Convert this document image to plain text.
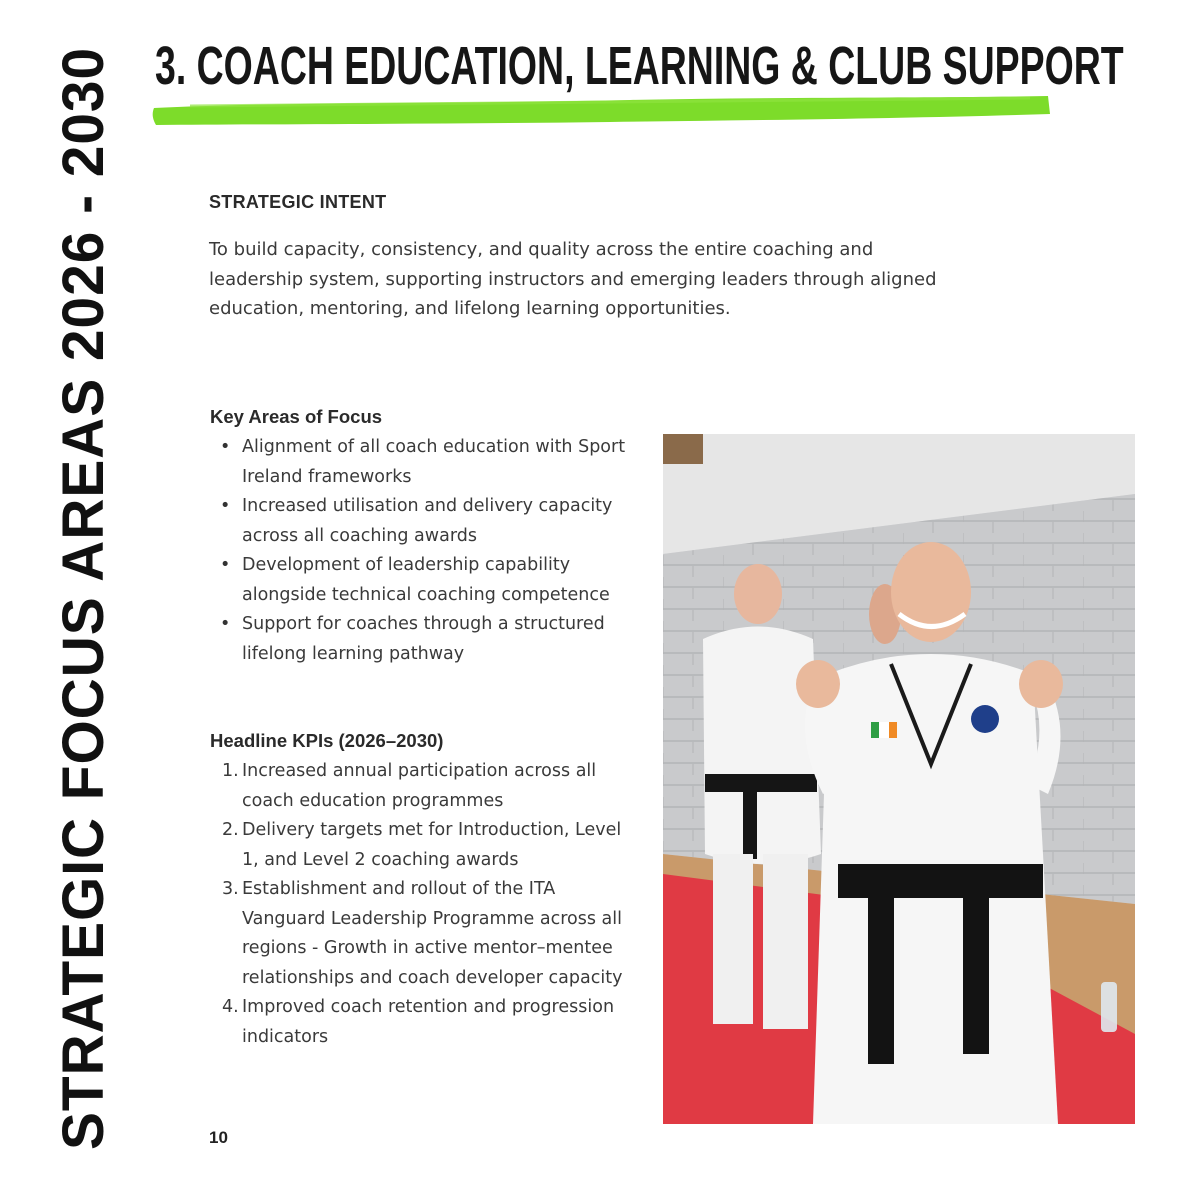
STRATEGIC FOCUS AREAS 2026 - 2030 3. COACH EDUCATION, LEARNING & CLUB SUPPORT
STRATEGIC INTENT

To build capacity, consistency, and quality across the entire coaching and leadership system, supporting instructors and emerging leaders through aligned education, mentoring, and lifelong learning opportunities.

Key Areas of Focus
• Alignment of all coach education with Sport Ireland frameworks
• Increased utilisation and delivery capacity across all coaching awards
• Development of leadership capability alongside technical coaching competence
• Support for coaches through a structured lifelong learning pathway
Headline KPIs (2026–2030)
1. Increased annual participation across all coach education programmes
2. Delivery targets met for Introduction, Level 1, and Level 2 coaching awards
3. Establishment and rollout of the ITA Vanguard Leadership Programme across all regions - Growth in active mentor–mentee relationships and coach developer capacity
4. Improved coach retention and progression indicators
10
